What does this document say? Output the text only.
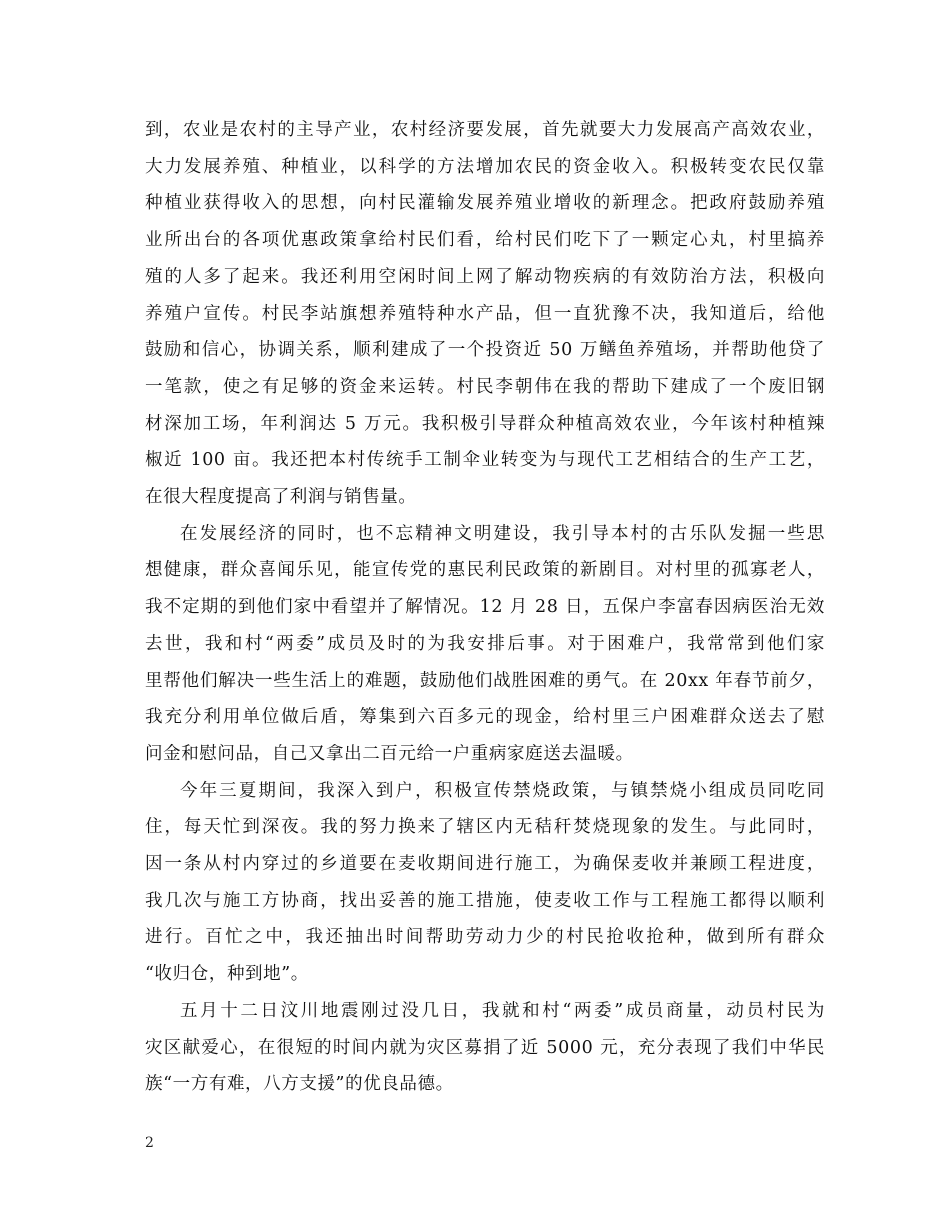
到，农业是农村的主导产业，农村经济要发展，首先就要大力发展高产高效农业，
大力发展养殖、种植业，以科学的方法增加农民的资金收入。积极转变农民仅靠
种植业获得收入的思想，向村民灌输发展养殖业增收的新理念。把政府鼓励养殖
业所出台的各项优惠政策拿给村民们看，给村民们吃下了一颗定心丸，村里搞养
殖的人多了起来。我还利用空闲时间上网了解动物疾病的有效防治方法，积极向
养殖户宣传。村民李站旗想养殖特种水产品，但一直犹豫不决，我知道后，给他
鼓励和信心，协调关系，顺利建成了一个投资近 50 万鳝鱼养殖场，并帮助他贷了
一笔款，使之有足够的资金来运转。村民李朝伟在我的帮助下建成了一个废旧钢
材深加工场，年利润达 5 万元。我积极引导群众种植高效农业，今年该村种植辣
椒近 100 亩。我还把本村传统手工制伞业转变为与现代工艺相结合的生产工艺，
在很大程度提高了利润与销售量。
在发展经济的同时，也不忘精神文明建设，我引导本村的古乐队发掘一些思
想健康，群众喜闻乐见，能宣传党的惠民利民政策的新剧目。对村里的孤寡老人，
我不定期的到他们家中看望并了解情况。12 月 28 日，五保户李富春因病医治无效
去世，我和村“两委”成员及时的为我安排后事。对于困难户，我常常到他们家
里帮他们解决一些生活上的难题，鼓励他们战胜困难的勇气。在 20xx 年春节前夕，
我充分利用单位做后盾，筹集到六百多元的现金，给村里三户困难群众送去了慰
问金和慰问品，自己又拿出二百元给一户重病家庭送去温暖。
今年三夏期间，我深入到户，积极宣传禁烧政策，与镇禁烧小组成员同吃同
住，每天忙到深夜。我的努力换来了辖区内无秸秆焚烧现象的发生。与此同时，
因一条从村内穿过的乡道要在麦收期间进行施工，为确保麦收并兼顾工程进度，
我几次与施工方协商，找出妥善的施工措施，使麦收工作与工程施工都得以顺利
进行。百忙之中，我还抽出时间帮助劳动力少的村民抢收抢种，做到所有群众
“收归仓，种到地”。
五月十二日汶川地震刚过没几日，我就和村“两委”成员商量，动员村民为
灾区献爱心，在很短的时间内就为灾区募捐了近 5000 元，充分表现了我们中华民
族“一方有难，八方支援”的优良品德。
2
